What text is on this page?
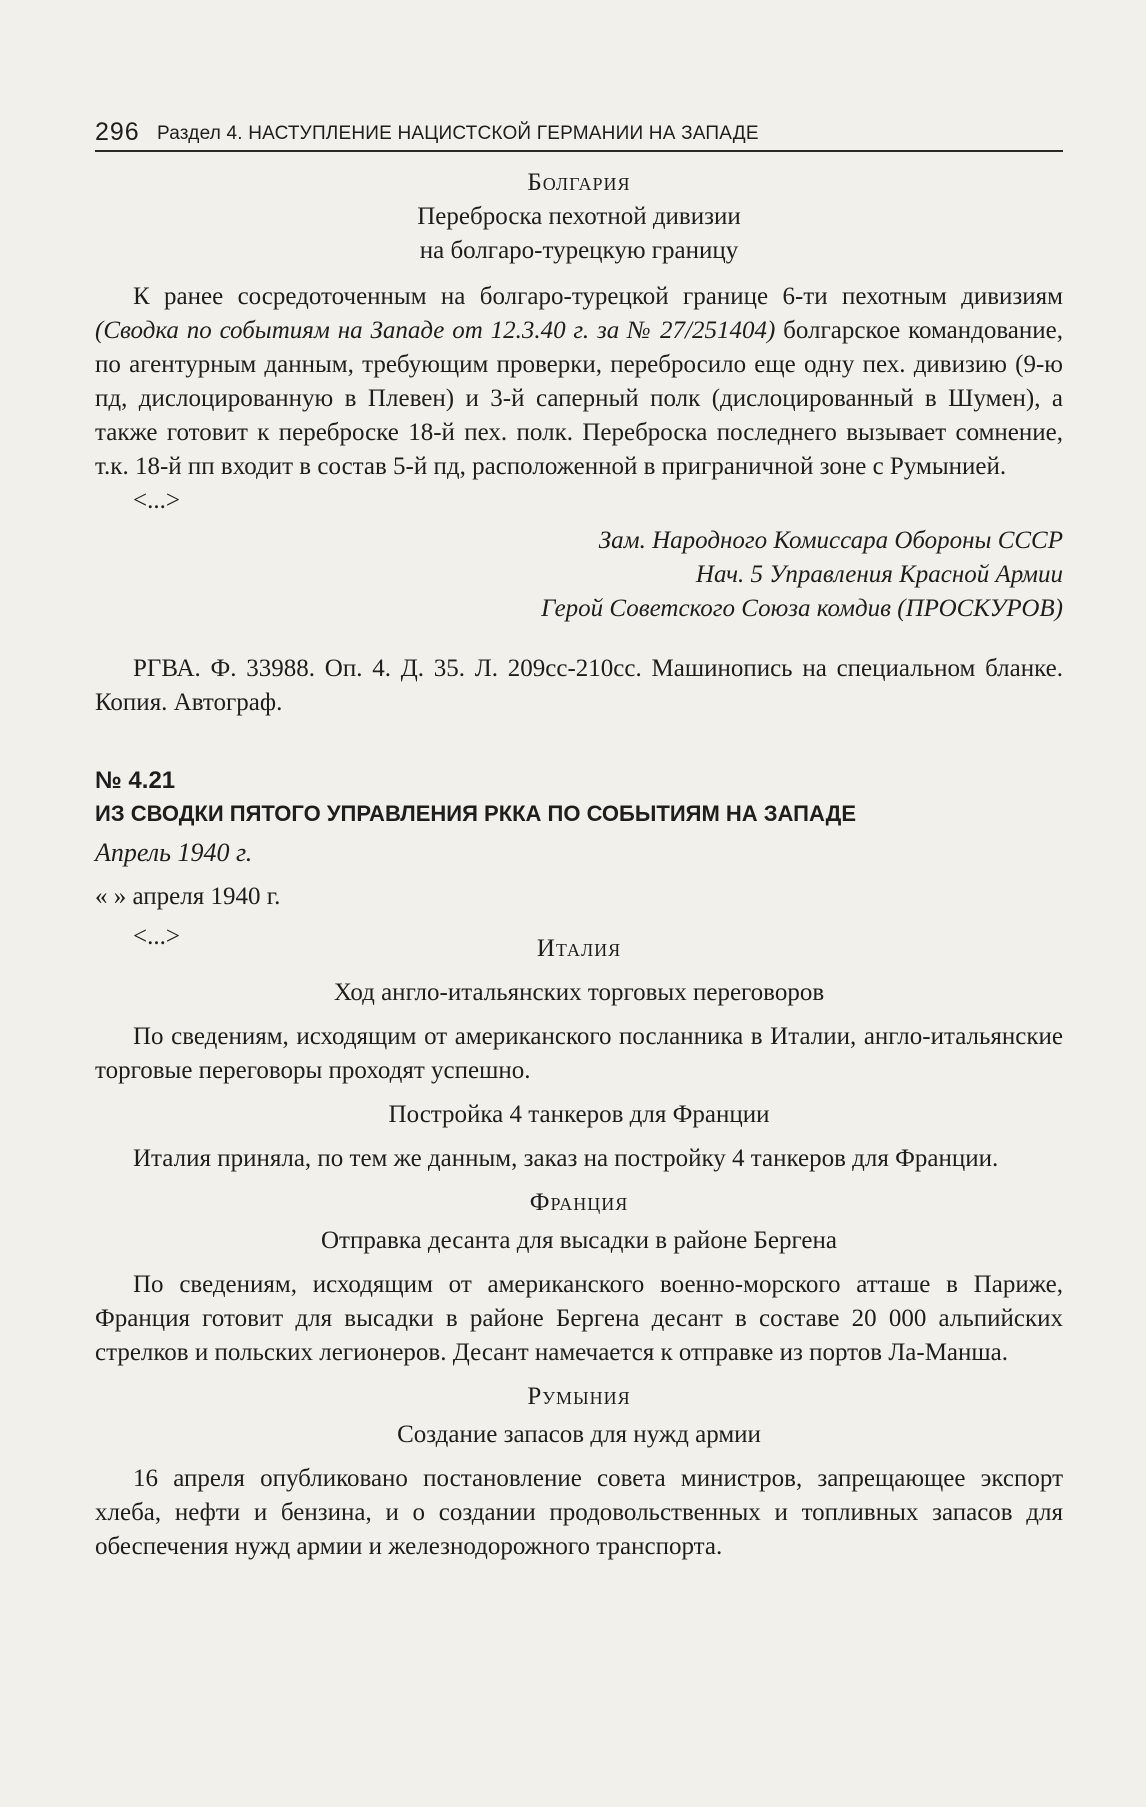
296 Раздел 4. НАСТУПЛЕНИЕ НАЦИСТСКОЙ ГЕРМАНИИ НА ЗАПАДЕ
Болгария
Переброска пехотной дивизии
на болгаро-турецкую границу

К ранее сосредоточенным на болгаро-турецкой границе 6-ти пехотным дивизиям (Сводка по событиям на Западе от 12.3.40 г. за № 27/251404) болгарское командование, по агентурным данным, требующим проверки, перебросило еще одну пех. дивизию (9-ю пд, дислоцированную в Плевен) и 3-й саперный полк (дислоцированный в Шумен), а также готовит к переброске 18-й пех. полк. Переброска последнего вызывает сомнение, т.к. 18-й пп входит в состав 5-й пд, расположенной в приграничной зоне с Румынией.

<...>
Зам. Народного Комиссара Обороны СССР
Нач. 5 Управления Красной Армии
Герой Советского Союза комдив (ПРОСКУРОВ)
РГВА. Ф. 33988. Оп. 4. Д. 35. Л. 209сс-210сс. Машинопись на специальном бланке. Копия. Автограф.
№ 4.21
ИЗ СВОДКИ ПЯТОГО УПРАВЛЕНИЯ РККА ПО СОБЫТИЯМ НА ЗАПАДЕ
Апрель 1940 г.
« » апреля 1940 г.
<...>	Италия
Ход англо-итальянских торговых переговоров

По сведениям, исходящим от американского посланника в Италии, англо-итальянские торговые переговоры проходят успешно.

Постройка 4 танкеров для Франции

Италия приняла, по тем же данным, заказ на постройку 4 танкеров для Франции.

Франция
Отправка десанта для высадки в районе Бергена

По сведениям, исходящим от американского военно-морского атташе в Париже, Франция готовит для высадки в районе Бергена десант в составе 20 000 альпийских стрелков и польских легионеров. Десант намечается к отправке из портов Ла-Манша.

Румыния
Создание запасов для нужд армии

16 апреля опубликовано постановление совета министров, запрещающее экспорт хлеба, нефти и бензина, и о создании продовольственных и топливных запасов для обеспечения нужд армии и железнодорожного транспорта.
